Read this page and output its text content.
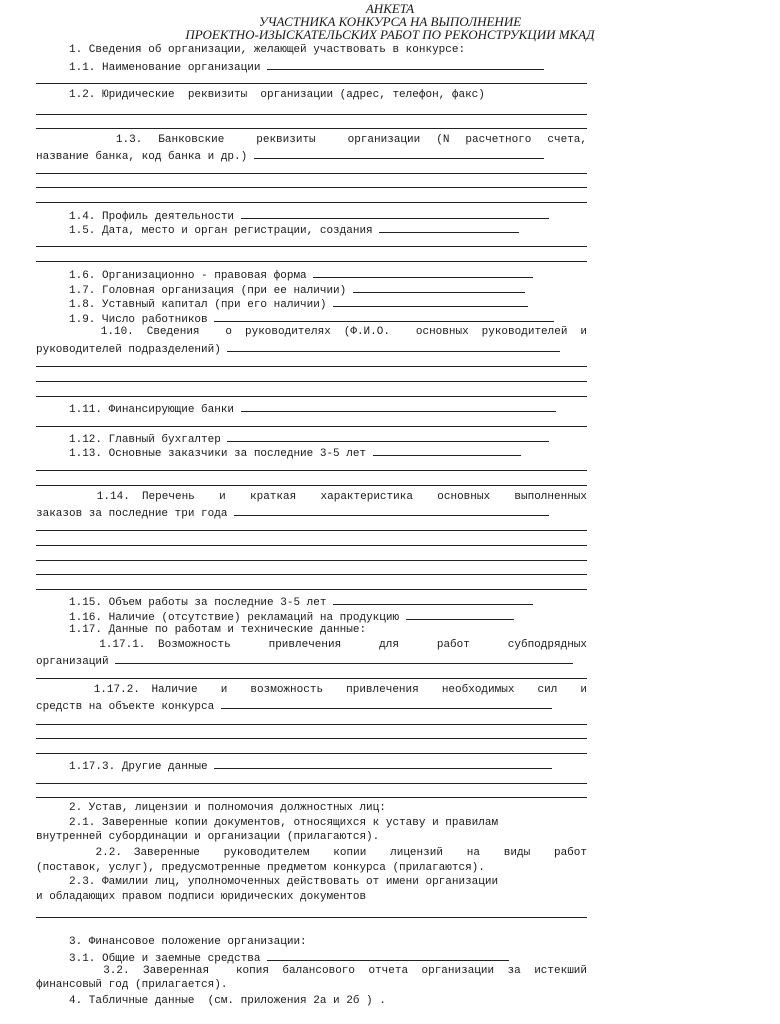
АНКЕТА
УЧАСТНИКА КОНКУРСА НА ВЫПОЛНЕНИЕ
ПРОЕКТНО-ИЗЫСКАТЕЛЬСКИХ РАБОТ ПО РЕКОНСТРУКЦИИ МКАД
1. Сведения об организации, желающей участвовать в конкурсе:
1.1. Наименование организации
1.2. Юридические  реквизиты  организации (адрес, телефон, факс)
1.3. Банковские  реквизиты  организации (N расчетного счета,
название банка, код банка и др.)
1.4. Профиль деятельности
1.5. Дата, место и орган регистрации, создания
1.6. Организационно - правовая форма
1.7. Головная организация (при ее наличии)
1.8. Уставный капитал (при его наличии)
1.9. Число работников
1.10. Сведения  о руководителях (Ф.И.О.  основных руководителей и
руководителей подразделений)
1.11. Финансирующие банки
1.12. Главный бухгалтер
1.13. Основные заказчики за последние 3-5 лет
1.14. Перечень  и  краткая  характеристика  основных  выполненных
заказов за последние три года
1.15. Объем работы за последние 3-5 лет
1.16. Наличие (отсутствие) рекламаций на продукцию
1.17. Данные по работам и технические данные:
1.17.1. Возможность   привлечения   для   работ   субподрядных
организаций
1.17.2. Наличие  и  возможность  привлечения  необходимых  сил  и
средств на объекте конкурса
1.17.3. Другие данные
2. Устав, лицензии и полномочия должностных лиц:
2.1. Заверенные копии документов, относящихся к уставу и правилам
внутренней субординации и организации (прилагаются).
2.2. Заверенные  руководителем  копии  лицензий  на  виды  работ
(поставок, услуг), предусмотренные предметом конкурса (прилагаются).
2.3. Фамилии лиц, уполномоченных действовать от имени организации
и обладающих правом подписи юридических документов
3. Финансовое положение организации:
3.1. Общие и заемные средства
3.2. Заверенная  копия балансового отчета организации за истекший
финансовый год (прилагается).
4. Табличные данные  (см. приложения 2а и 2б ) .
